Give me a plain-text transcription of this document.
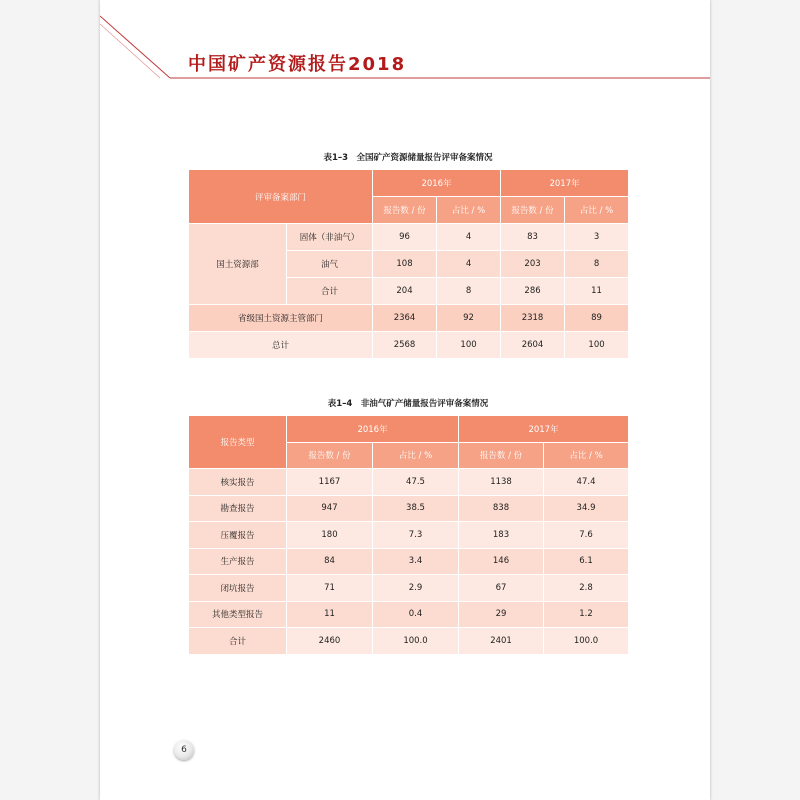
中国矿产资源报告2018
表1–3　全国矿产资源储量报告评审备案情况
评审备案部门		2016年		2017年	
		报告数 / 份	占比 / %	报告数 / 份	占比 / %
国土资源部	固体（非油气）	96	4	83	3
	油气	108	4	203	8
	合计	204	8	286	11
省级国土资源主管部门		2364	92	2318	89
总计		2568	100	2604	100
表1–4　非油气矿产储量报告评审备案情况
报告类型	2016年		2017年	
	报告数 / 份	占比 / %	报告数 / 份	占比 / %
核实报告	1167	47.5	1138	47.4
勘查报告	947	38.5	838	34.9
压覆报告	180	7.3	183	7.6
生产报告	84	3.4	146	6.1
闭坑报告	71	2.9	67	2.8
其他类型报告	11	0.4	29	1.2
合计	2460	100.0	2401	100.0
6
